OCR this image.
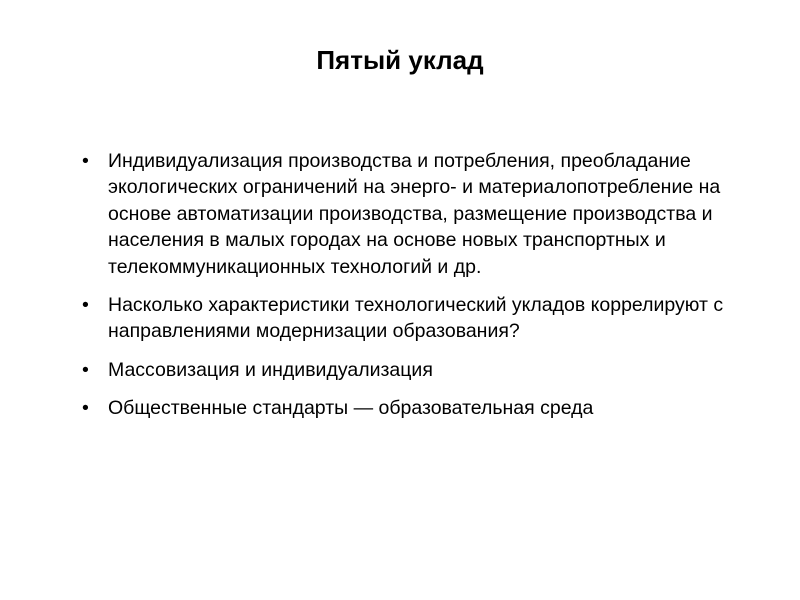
Пятый уклад
• Индивидуализация производства и потребления, преобладание экологических ограничений на энерго- и материалопотребление на основе автоматизации производства, размещение производства и населения в малых городах на основе новых транспортных и телекоммуникационных технологий и др.
• Насколько характеристики технологический укладов коррелируют с направлениями модернизации образования?
• Массовизация и индивидуализация
• Общественные стандарты — образовательная среда
